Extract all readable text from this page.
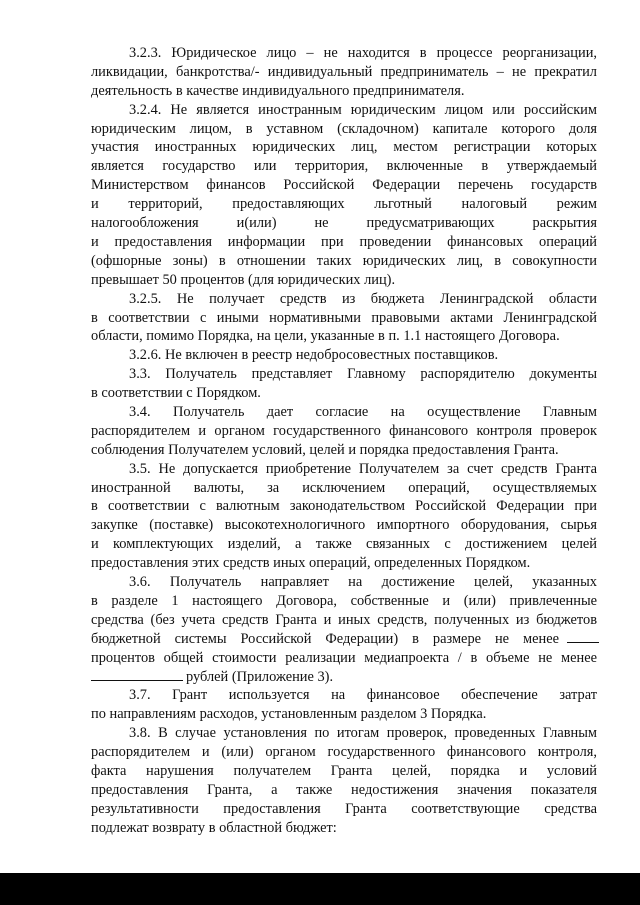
3.2.3. Юридическое лицо – не находится в процессе реорганизации,
ликвидации, банкротства/- индивидуальный предприниматель – не прекратил
деятельность в качестве индивидуального предпринимателя.
3.2.4. Не является иностранным юридическим лицом или российским
юридическим лицом, в уставном (складочном) капитале которого доля
участия иностранных юридических лиц, местом регистрации которых
является государство или территория, включенные в утверждаемый
Министерством финансов Российской Федерации перечень государств
и территорий, предоставляющих льготный налоговый режим
налогообложения и(или) не предусматривающих раскрытия
и предоставления информации при проведении финансовых операций
(офшорные зоны) в отношении таких юридических лиц, в совокупности
превышает 50 процентов (для юридических лиц).
3.2.5. Не получает средств из бюджета Ленинградской области
в соответствии с иными нормативными правовыми актами Ленинградской
области, помимо Порядка, на цели, указанные в п. 1.1 настоящего Договора.
3.2.6. Не включен в реестр недобросовестных поставщиков.
3.3. Получатель представляет Главному распорядителю документы
в соответствии с Порядком.
3.4. Получатель дает согласие на осуществление Главным
распорядителем и органом государственного финансового контроля проверок
соблюдения Получателем условий, целей и порядка предоставления Гранта.
3.5. Не допускается приобретение Получателем за счет средств Гранта
иностранной валюты, за исключением операций, осуществляемых
в соответствии с валютным законодательством Российской Федерации при
закупке (поставке) высокотехнологичного импортного оборудования, сырья
и комплектующих изделий, а также связанных с достижением целей
предоставления этих средств иных операций, определенных Порядком.
3.6. Получатель направляет на достижение целей, указанных
в разделе 1 настоящего Договора, собственные и (или) привлеченные
средства (без учета средств Гранта и иных средств, полученных из бюджетов
бюджетной системы Российской Федерации) в размере не менее
процентов общей стоимости реализации медиапроекта / в объеме не менее
рублей (Приложение 3).
3.7. Грант используется на финансовое обеспечение затрат
по направлениям расходов, установленным разделом 3 Порядка.
3.8. В случае установления по итогам проверок, проведенных Главным
распорядителем и (или) органом государственного финансового контроля,
факта нарушения получателем Гранта целей, порядка и условий
предоставления Гранта, а также недостижения значения показателя
результативности предоставления Гранта соответствующие средства
подлежат возврату в областной бюджет:
